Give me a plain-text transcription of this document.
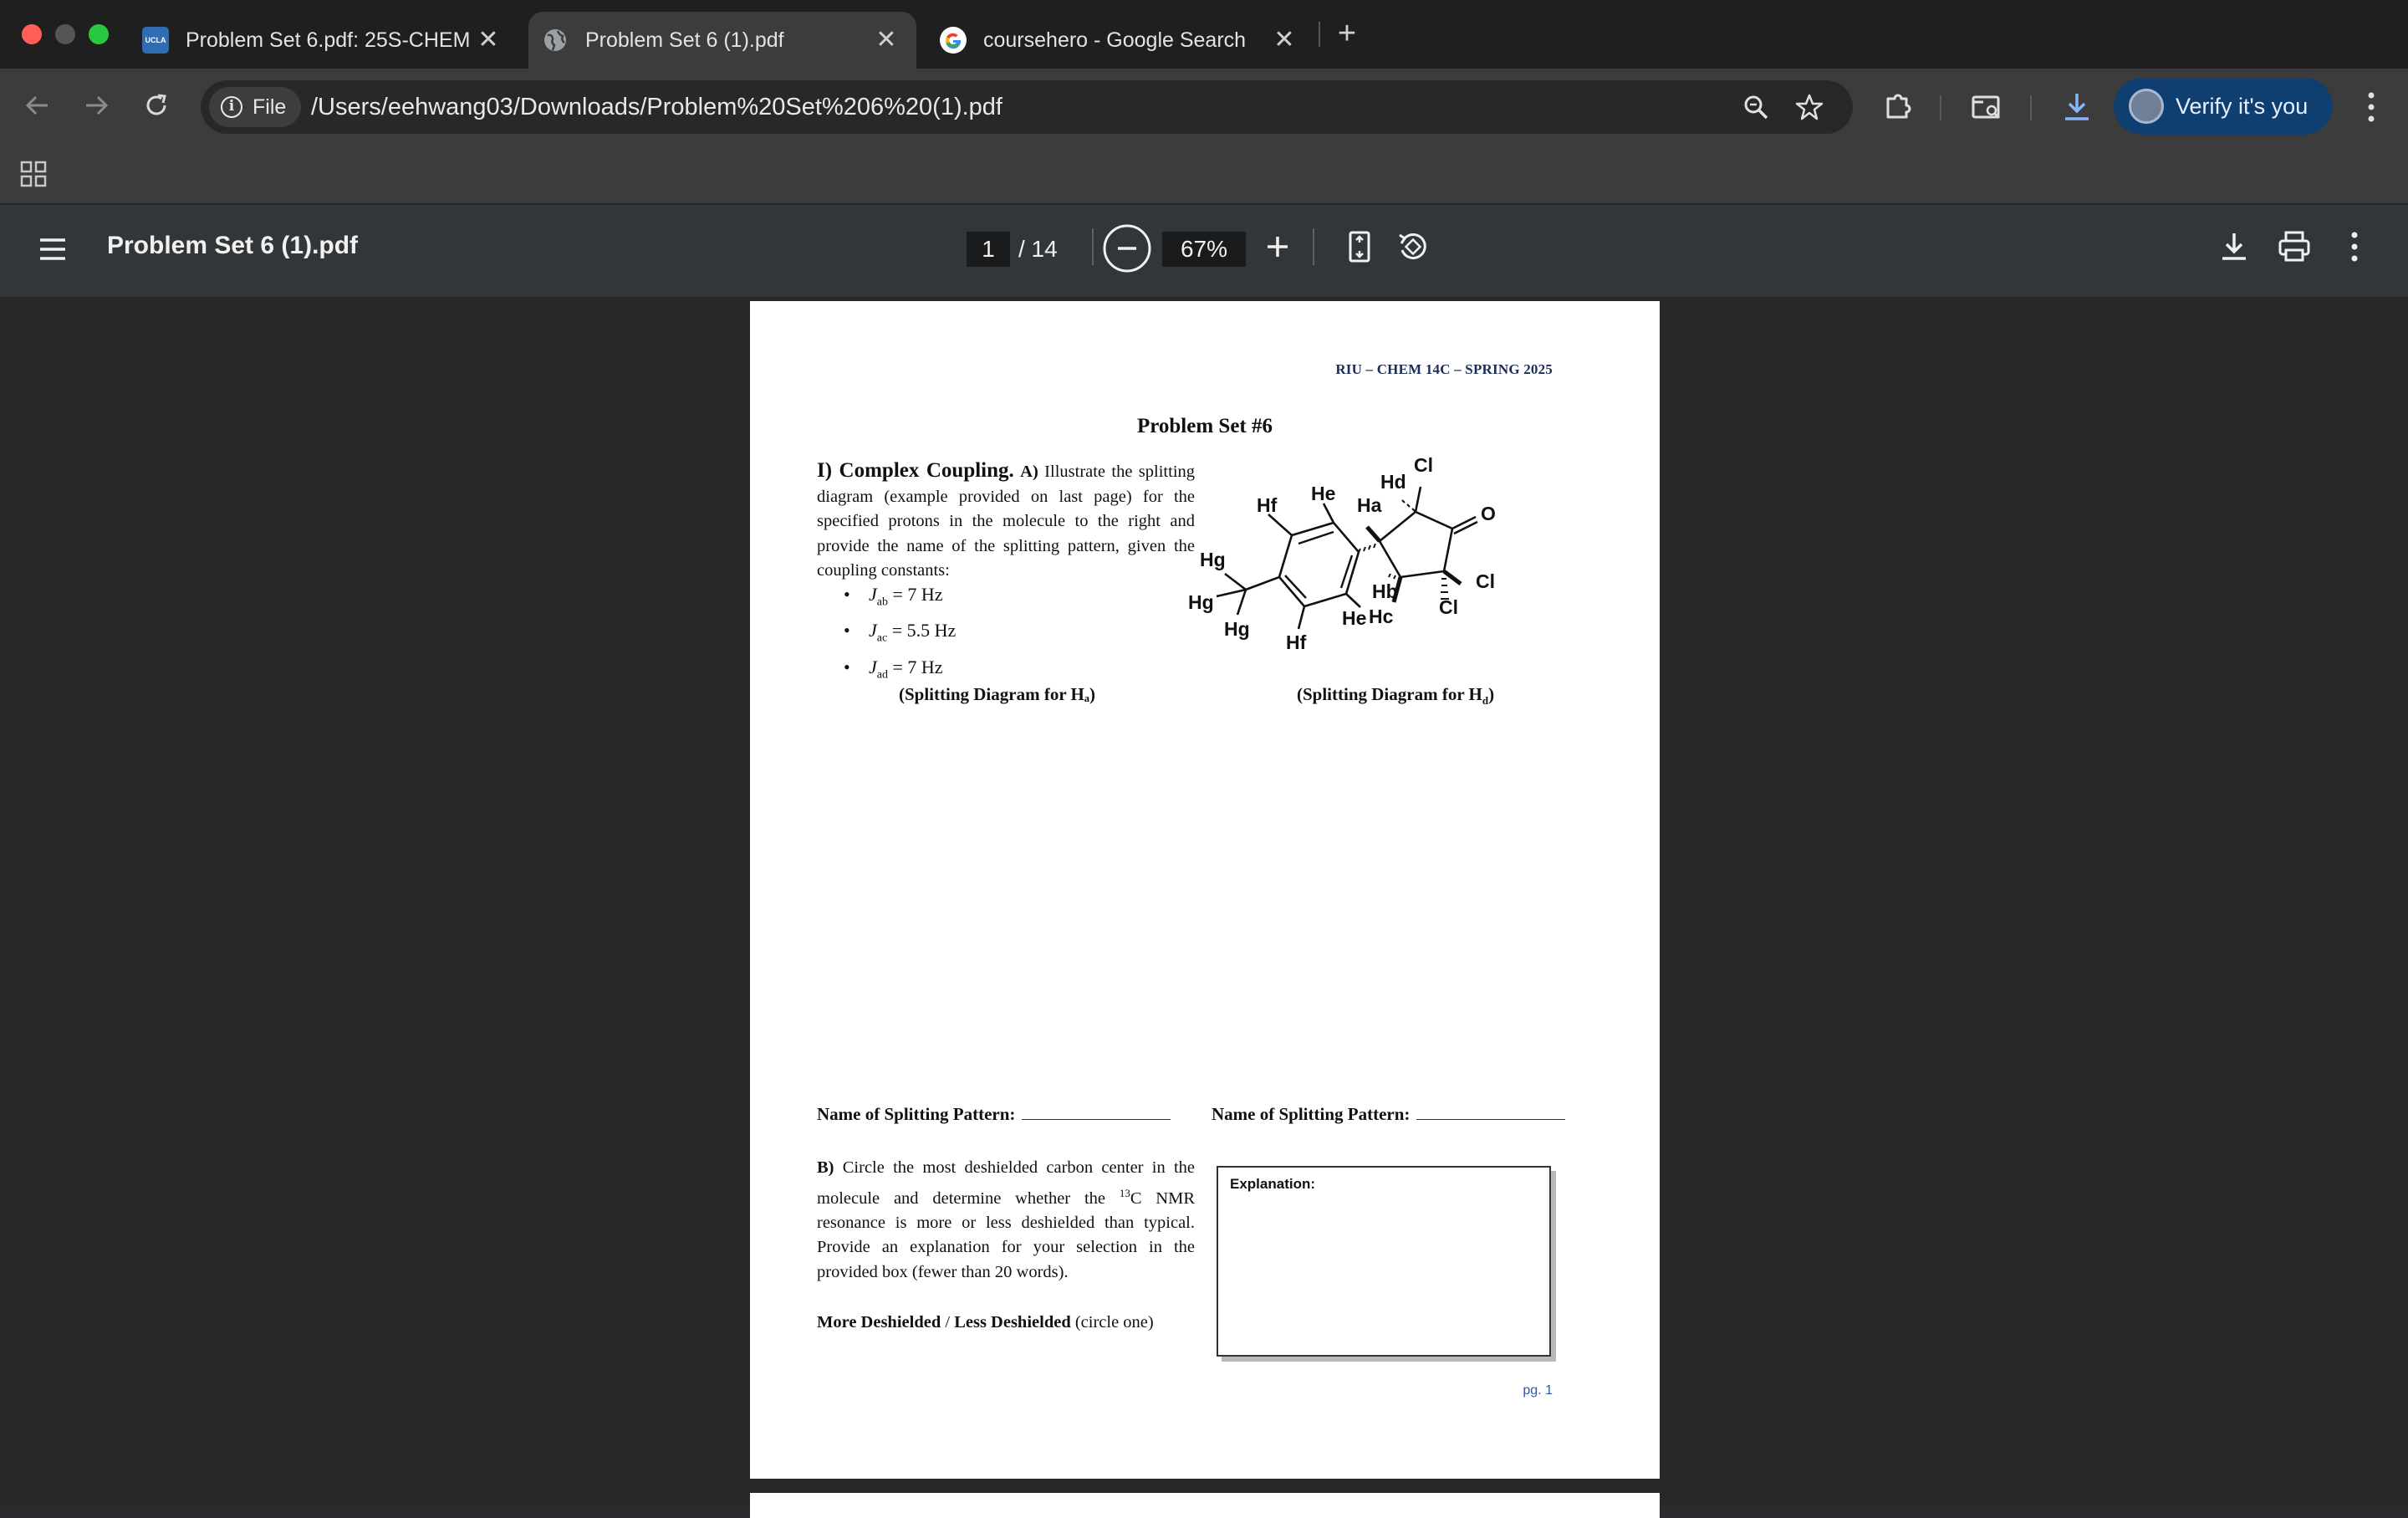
UCLA Problem Set 6.pdf: 25S-CHEM ✕	Problem Set 6 (1).pdf	✕	coursehero - Google Search	✕ +
i File /Users/eehwang03/Downloads/Problem%20Set%206%20(1).pdf	Verify it's you
Problem Set 6 (1).pdf	1	/ 14	67%
RIU – CHEM 14C – SPRING 2025
Problem Set #6
I) Complex Coupling. A) Illustrate the splitting diagram (example provided on last page) for the specified protons in the molecule to the right and provide the name of the splitting pattern, given the coupling constants:
• $J_{ab} = 7$ Hz
• $J_{ac} = 5.5$ Hz
• $J_{ad} = 7$ Hz
(Splitting Diagram for Hₐ)	(Splitting Diagram for $H_d$)
Hf
He
Ha
Hd
Cl
O
Cl
Cl
Hg
Hg
Hg
Hf
He
Hb
Hc
Name of Splitting Pattern:	Name of Splitting Pattern:
B) Circle the most deshielded carbon center in the molecule and determine whether the $^{13}$C NMR resonance is more or less deshielded than typical. Provide an explanation for your selection in the provided box (fewer than 20 words).
More Deshielded / Less Deshielded (circle one)
Explanation:
pg. 1
